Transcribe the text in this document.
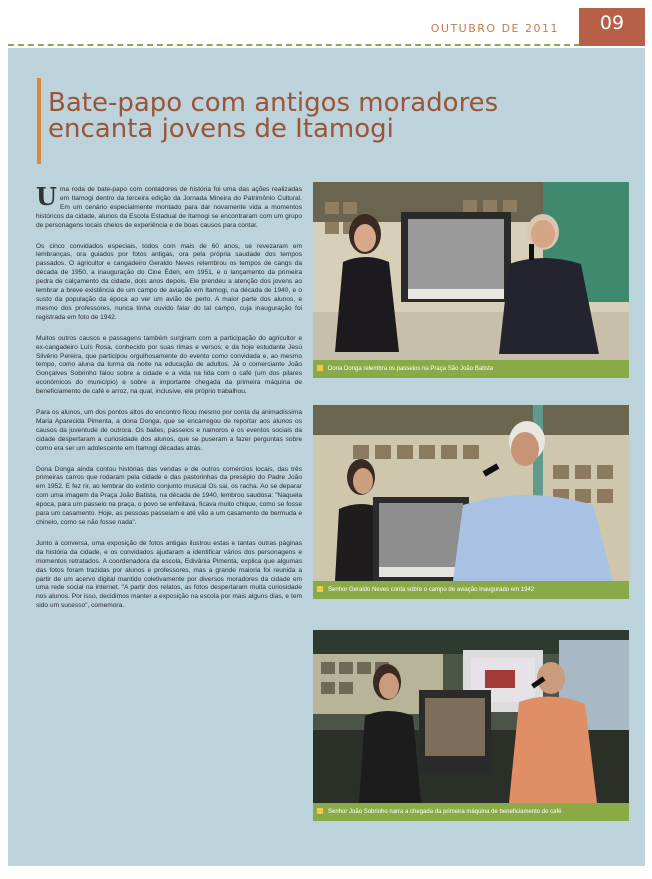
OUTUBRO DE 2011	09
Bate-papo com antigos moradores encanta jovens de Itamogi

Uma roda de bate-papo com contadores de história foi uma das ações realizadas em Itamogi dentro da terceira edição da Jornada Mineira do Patrimônio Cultural. Em um cenário especialmente montado para dar novamente vida a momentos históricos da cidade, alunos da Escola Estadual de Itamogi se encontraram com um grupo de personagens locais cheios de experiência e de boas causos para contar.

Os cinco convidados especiais, todos com mais de 60 anos, se revezaram em lembranças, ora guiados por fotos antigas, ora pela própria saudade dos tempos passados. O agricultor e cangadeiro Geraldo Neves relembrou os tempos de cangs da década de 1950, a inauguração do Cine Éden, em 1951, e o lançamento da primeira pedra de calçamento da cidade, dois anos depois. Ele prendeu a atenção dos jovens ao lembrar a breve existência de um campo de aviação em Itamogi, na década de 1940, e o susto da população da época ao ver um avião de perto. A maior parte dos alunos, e mesmo dos professores, nunca tinha ouvido falar do tal campo, cuja inauguração foi registrada em foto de 1942.

Muitos outros causos e passagens também surgiram com a participação do agricultor e ex-cangadeiro Luís Rosa, conhecido por suas rimas e versos; e da hoje estudante Jesú Silvério Pereira, que participou orgulhosamente do evento como convidada e, ao mesmo tempo, como aluna da turma da noite na educação de adultos. Já o comerciante João Gonçalves Sobrinho falou sobre a cidade e a vida na lida com o café (um dos pilares econômicos do município) e sobre a importante chegada da primeira máquina de beneficiamento de café e arroz, na qual, inclusive, ele próprio trabalhou.

Para os alunos, um dos pontos altos do encontro ficou mesmo por conta da animadíssima Maria Aparecida Pimenta, a dona Donga, que se encarregou de reportar aos alunos os causos da juventude de outrora. Os bailes, passeios e namoros e os eventos sociais da cidade despertaram a curiosidade dos alunos, que se puseram a fazer perguntas sobre como era ser um adolescente em Itamogi décadas atrás.

Dona Donga ainda contou histórias das vendas e de outros comércios locais, das três primeiras carros que rodaram pela cidade e das pastorinhas da presépio do Padre João em 1952. E fez rir, ao lembrar do extinto conjunto musical Os sai, os racha. Ao se deparar com uma imagem da Praça João Batista, na década de 1940, lembrou saudosa: "Naquela época, para um passeio na praça, o povo se enfeitava, ficava muito chique, como se fosse para um casamento. Hoje, as pessoas passeiam e até vão a um casamento de bermuda e chinelo, como se não fosse nada".

Junto à conversa, uma exposição de fotos antigas ilustrou estas e tantas outras páginas da história da cidade, e os convidados ajudaram a identificar vários dos personagens e momentos retratados. A coordenadora da escola, Edivânia Pimenta, explica que algumas das fotos foram trazidas por alunos e professores, mas a grande maioria foi reunida a partir de um acervo digital mantido coletivamente por diversos moradores da cidade em uma rede social na internet. "A partir dos relatos, as fotos despertaram muita curiosidade nos alunos. Por isso, decidimos manter a exposição na escola por mais alguns dias, e tem sido um sucesso", comemora.

Dona Donga relembra os passeios na Praça São João Batista
Senhor Geraldo Neves conta sobre o campo de aviação inaugurado em 1942
Senhor João Sobrinho narra a chegada da primeira máquina de beneficiamento de café
